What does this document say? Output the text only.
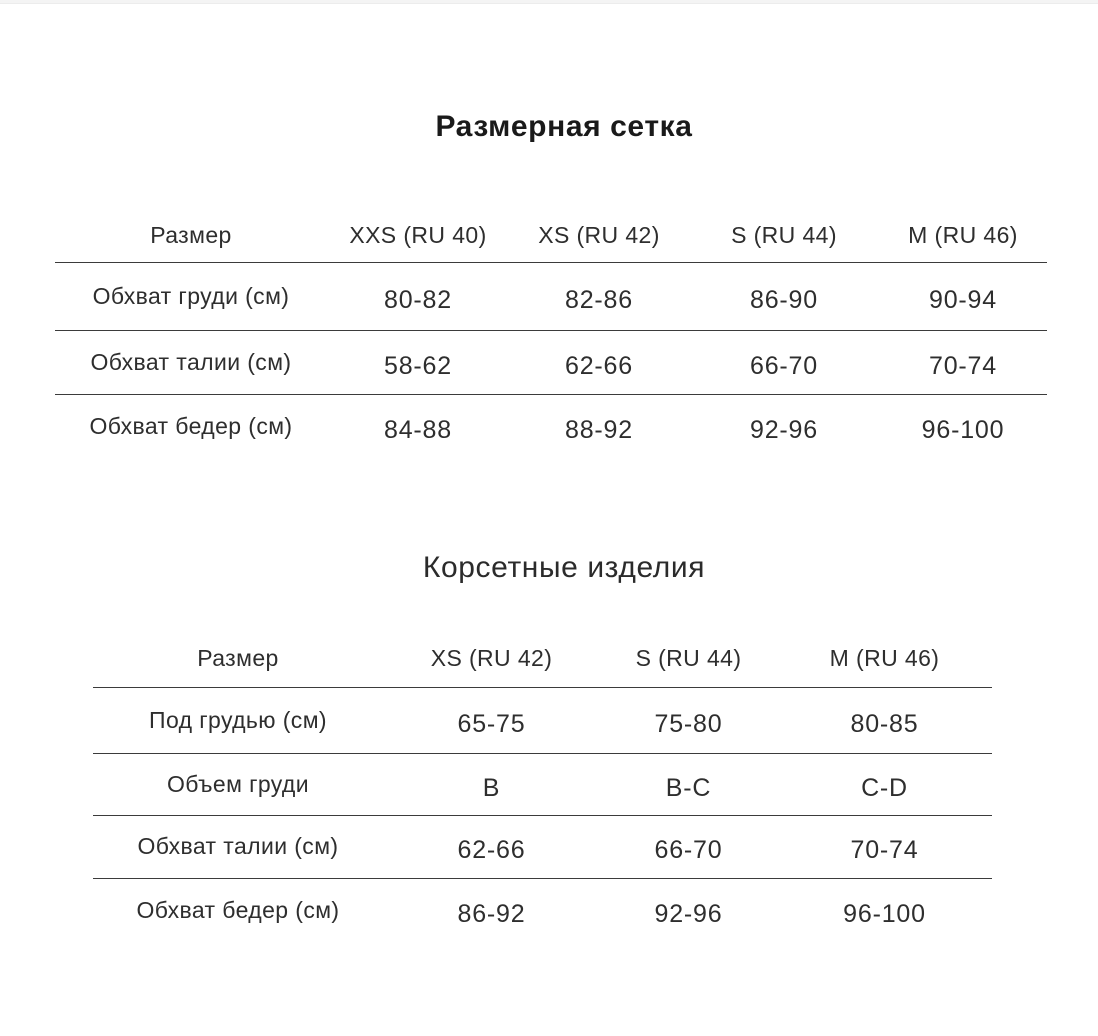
Размерная сетка
Размер	XXS (RU 40)	XS (RU 42)	S (RU 44)	M (RU 46)
Обхват груди (см)	80-82	82-86	86-90	90-94
Обхват талии (см)	58-62	62-66	66-70	70-74
Обхват бедер (см)	84-88	88-92	92-96	96-100
Корсетные изделия
Размер	XS (RU 42)	S (RU 44)	M (RU 46)
Под грудью (см)	65-75	75-80	80-85
Объем груди	B	B-C	C-D
Обхват талии (см)	62-66	66-70	70-74
Обхват бедер (см)	86-92	92-96	96-100
